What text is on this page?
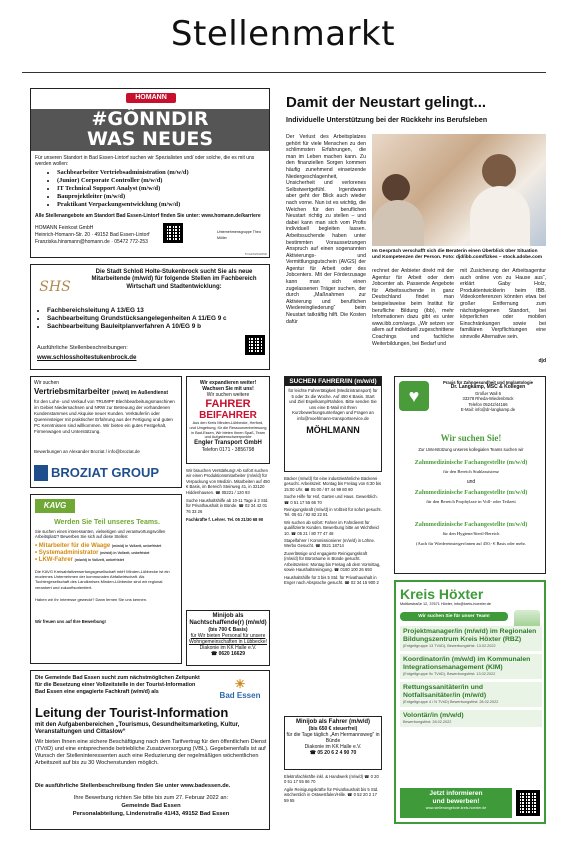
Stellenmarkt
HOMANN
#GÖNNDIR
WAS NEUES
Für unseren Standort in Bad Essen-Lintorf suchen wir Spezialisten und/ oder solche, die es mit uns werden wollen:
• Sachbearbeiter Vertriebsadministration (m/w/d)
• (Junior) Corporate Controller (m/w/d)
• IT Technical Support Analyst (m/w/d)
• Bauprojektleiter (m/w/d)
• Praktikant Verpackungsentwicklung (m/w/d)
Alle Stellenangebote am Standort Bad Essen-Lintorf finden Sie unter: www.homann.de/karriere
HOMANN Feinkost GmbH
Heinrich-Homann-Str. 20 · 49152 Bad Essen-Lintorf
Franziska.hinsmann@homann.de · 05472 772-253
Unternehmensgruppe Theo Müller
TCA2/02/GRIND
SHS
Die Stadt Schloß Holte-Stukenbrock sucht Sie als neue Mitarbeitende (m/w/d) für folgende Stellen im Fachbereich Wirtschaft und Stadtentwicklung:
• Fachbereichsleitung A 13/EG 13
• Sachbearbeitung Grundstücksangelegenheiten A 11/EG 9 c
• Sachbearbeitung Bauleitplanverfahren A 10/EG 9 b
Ausführliche Stellenbeschreibungen:
www.schlossholtestukenbrock.de
Wir suchen
Vertriebsmitarbeiter (m/w/d) im Außendienst
für den Lohn- und Verkauf von TRUMPF Blechbearbeitungsmaschinen im Gebiet Niedersachsen und NRW zur Betreuung der vorhandenen Kundenstammes und Akquise neuer Kunden. Verkäufer/in oder Quereinsteiger mit praktischer Erfahrung aus der Fertigung und guten PC Kenntnissen sind willkommen. Wir bieten ein gutes Festgehalt, Firmenwagen und Unterstützung.
Bewerbungen an Alexander Broziat / info@broziat.de
BROZIAT GROUP
KAVG
Werden Sie Teil unseres Teams.
Sie suchen einen interessanten, vielseitigen und verantwortungsvollen Arbeitsplatz? Bewerben Sie sich auf diese Stellen:
• Mitarbeiter für die Waage (m/w/d) in Vollzeit, unbefristet
• Systemadministrator (m/w/d) in Vollzeit, unbefristet
• LKW-Fahrer (m/w/d) in Vollzeit, unbefristet
Die KAVG Kreisabfallverwertungsgesellschaft mbH Minden-Lübbecke ist ein modernes Unternehmen der kommunalen Abfallwirtschaft. Als Tochtergesellschaft des Landkreises Minden-Lübbecke sind wir regional verankert und zukunftsorientiert.
Haben wir Ihr Interesse geweckt? Dann lernen Sie uns kennen.
Wir freuen uns auf Ihre Bewerbung!
Wir expandieren weiter!
Wachsen Sie mit uns!
Wir suchen weitere
FAHRER
BEIFAHRER
Aus den Kreis Minden-Lübbecke, Herford, und Umgebung, für die Ressourcenbetreuung in Bad-Essen, Wir bieten Ihnen Spaß, Team und Aufgabenschwerpunkte
Engler Transport GmbH
Telefon 0171 - 3856798
Wir brauchen Verstärkung! Ab sofort suchen wir einen Produktionsmitarbeiter (m/w/d) für Verpackung von Medizin. Mitarbeiten auf 450 € Basis, im Bereich Steinweg 41, in 32120 Hiddenhausen. ☎ 05221 / 120 93
Suche Haushaltshilfe ab 10-11 Tage à 2 Std. für Privathaushalt in Bünde. ☎ 02 34 42 01 76 33 26
Fachkräfte f. Lehrer. Tel. 05 21/30 68 90
Minijob als Nachtschaffende(r) (m/w/d)
(bis 700 € Basis)
für Wir bieten Personal für unsere Wohngemeinschaften in Lübbecke!
Diakonie im KK Halle e.V.
☎ 0620 16629
SUCHEN FAHRER/IN (m/w/d)
für leichte Fahrertätigkeit (Medizintransport) für 5 oder 3x die Woche. Auf 450 € Basis. Start und Ziel Espelkamp/Rahden. Bitte senden Sie uns eine E-Mail mit Ihren Kurzbewerbungsunterlagen und Fragen an info@moehlmann-transportservice.de
MÖHLMANN
Bäcker (m/w/d) für eine industrieähnliche Bäckerei gesucht. Arbeitszeit: Montag bis Freitag von 6:30 bis 15:00 Uhr. ☎ 05 00 / 97 44 99 80 80
Suche Hilfe für Hof, Garten und Haus. Gewerblich. ☎ 0 51 17 55 66 70
Reinigungskraft (m/w/d) in Vollzeit für sofort gesucht. Tel. 05 61 / 92 82 22 81
Wir suchen ab sofort: Fahrer im Fahrdienst für qualifizierte Kunden. Bewerbung bitte an Wichtheid 10. ☎ 05 21 / 80 77 47 48
Stapelfahrer / Kommissionierer (m/w/d) in Löhne. Werbo Gesucht. ☎ 0521 18714
Zuverlässige und engagierte Reinigungskraft (m/w/d) für Büroräume in Bünde gesucht. Arbeitszeiten: Montag bis Freitag ab dem Vormittag, sowie Haushaltsreinigung. ☎ 0160 100 26 693
Haushaltshilfe für 3 bis 5 Std. für Privathaushalt in Enger nach Absprache gesucht. ☎ 02 34 15 900 2
Minijob als Fahrer (m/w/d)
(bis 650 € steuerfrei)
für die Tage täglich „Am Hermannsweg“ in Bünde
Diakonie im KK Halle e.V.
☎ 05 20 6 2 4 90 70
Elektrofachkräfte inkl. & Handwerk (m/w/d) ☎ 0 20 0 51 17 55 66 70
Agile Reinigungskräfte für Privathaushalt bis 5 Std. wöchentlich in Ostwestfalen/Hille. ☎ 0 52 20 2 17 59 55
Die Gemeinde Bad Essen sucht zum nächstmöglichen Zeitpunkt für die Besetzung einer Vollzeitstelle in der Tourist-Information Bad Essen eine engagierte Fachkraft (w/m/d) als
☀
Bad Essen
Leitung der Tourist-Information
mit den Aufgabenbereichen „Tourismus, Gesundheitsmarketing, Kultur, Veranstaltungen und Cittaslow“
Wir bieten Ihnen eine sichere Beschäftigung nach dem Tarifvertrag für den öffentlichen Dienst (TVöD) und eine entsprechende betriebliche Zusatzversorgung (VBL). Gegebenenfalls ist auf Wunsch der Stelleninteressenten auch eine Reduzierung der regelmäßigen wöchentlichen Arbeitszeit auf bis zu 30 Wochenstunden möglich.
Die ausführliche Stellenbeschreibung finden Sie unter www.badessen.de.
Ihre Bewerbung richten Sie bitte bis zum 27. Februar 2022 an:
Gemeinde Bad Essen
Personalabteilung, Lindenstraße 41/43, 49152 Bad Essen
Damit der Neustart gelingt...
Individuelle Unterstützung bei der Rückkehr ins Berufsleben
Der Verlust des Arbeitsplatzes gehört für viele Menschen zu den schlimmsten Erfahrungen, die man im Leben machen kann. Zu den finanziellen Sorgen kommen häufig zunehmend einsetzende Niedergeschlagenheit, Unsicherheit und verlorenes Selbstwertgefühl. Irgendwann aber geht der Blick auch wieder nach vorne. Nun ist es wichtig, die Weichen für den beruflichen Neustart richtig zu stellen – und dabei kann man sich vom Profis individuell begleiten lassen. Arbeitssuchende haben unter bestimmten Voraussetzungen Anspruch auf einen sogenannten Aktivierungs- und Vermittlungsgutschein (AVGS) der Agentur für Arbeit oder des Jobcenters. Mit der Förderzusage kann man sich einen zugelassenen Träger suchen, der durch „Maßnahmen zur Aktivierung und beruflichen Wiedereingliederung“ beim Neustart tatkräftig hilft. Die Kosten dafür
Im Gespräch verschafft sich die Beraterin einen Überblick über Situation und Kompetenzen der Person. Foto: djd/ibb.com/fizkes – stock.adobe.com
rechnet der Anbieter direkt mit der Agentur für Arbeit oder dem Jobcenter ab. Passende Angebote für Arbeitssuchende in ganz Deutschland findet man beispielsweise beim Institut für berufliche Bildung (ibb), mehr Informationen dazu gibt es unter www.ibb.com/avgs. „Wir setzen vor allem auf individuell zugeschnittene Coachings und fachliche Weiterbildungen, bei Bedarf und
mit Zusicherung der Arbeitsagentur auch online von zu Hause aus“, erklärt Gaby Holz, Produktentwicklerin beim IBB. Videokonferenzen könnten etwa bei großer Entfernung zum nächstgelegenen Standort, bei körperlichen oder mobilen Einschränkungen sowie bei familiären Verpflichtungen eine sinnvolle Alternative sein.
djd
♥
Praxis für Zahngesundheit und Implantologie
Dr. Langkamp, MSC & Kollegen
Großer Wall 6
33378 Rheda-Wiedenbrück
Telefon 05242/44166
E-Mail: info@dr-langkamp.de
Wir suchen Sie!
Zur Unterstützung unseres kollegialen Teams suchen wir
Zahnmedizinische Fachangestellte (m/w/d)
für den Bereich Stuhlassistenz
und
Zahnmedizinische Fachangestellte (m/w/d)
für den Bereich Prophylaxe in Voll- oder Teilzeit
Zahnmedizinische Fachangestellte (m/w/d)
für den Hygiene/Steril-Bereich
(Auch für Wiedereinsteiger/innen auf 450,- € Basis oder mehr.
Kreis Höxter
Moltkestraße 12, 37671 Höxter, info@kreis-hoexter.de
Wir suchen Sie für unser Team!
Projektmanager/in (m/w/d) im Regionalen Bildungszentrum Kreis Höxter (RBZ)
(Entgeltgruppe 13 TVöD), Bewerbungsfrist: 13.02.2022
Koordinator/in (m/w/d) im Kommunalen Integrationsmanagement (KIM)
(Entgeltgruppe 9c TVöD), Bewerbungsfrist: 13.02.2022
Rettungssanitäter/in und Notfallsanitäter/in (m/w/d)
(Entgeltgruppe 4 / N TVöD) Bewerbungsfrist: 28.02.2022
Volontär/in (m/w/d)
Bewerbungsfrist: 28.02.2022
Jetzt informieren
und bewerben!
www.stellenangebote.kreis-hoexter.de
